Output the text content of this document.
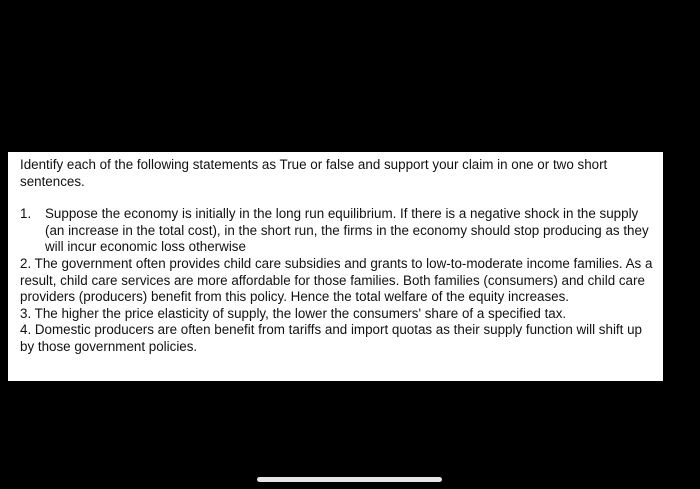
Identify each of the following statements as True or false and support your claim in one or two short sentences.

1. Suppose the economy is initially in the long run equilibrium. If there is a negative shock in the supply (an increase in the total cost), in the short run, the firms in the economy should stop producing as they will incur economic loss otherwise

2. The government often provides child care subsidies and grants to low-to-moderate income families. As a result, child care services are more affordable for those families. Both families (consumers) and child care providers (producers) benefit from this policy. Hence the total welfare of the equity increases.

3. The higher the price elasticity of supply, the lower the consumers' share of a specified tax.

4. Domestic producers are often benefit from tariffs and import quotas as their supply function will shift up by those government policies.
